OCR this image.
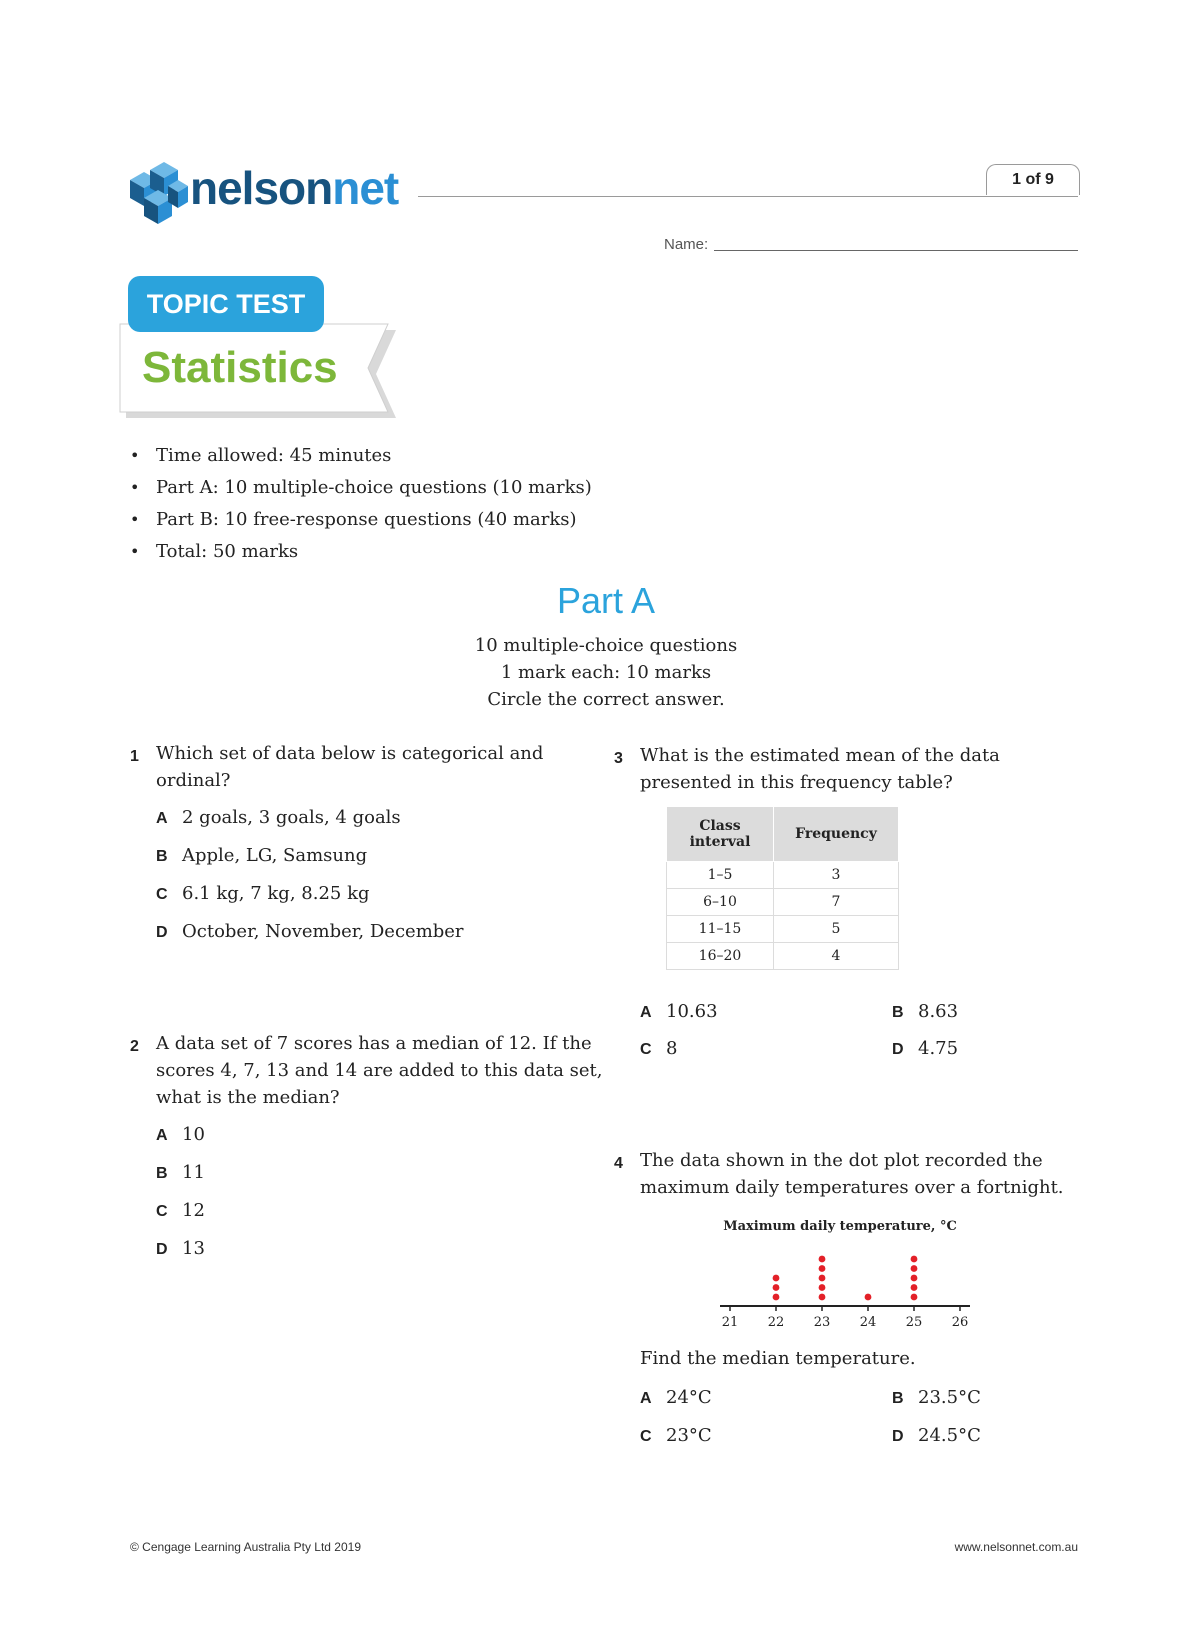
nelsonnet	1 of 9
Name:
TOPIC TEST
Statistics
• Time allowed: 45 minutes
• Part A: 10 multiple-choice questions (10 marks)
• Part B: 10 free-response questions (40 marks)
• Total: 50 marks
Part A
10 multiple-choice questions
1 mark each: 10 marks
Circle the correct answer.
1 Which set of data below is categorical and
ordinal?
A 2 goals, 3 goals, 4 goals
B Apple, LG, Samsung
C 6.1 kg, 7 kg, 8.25 kg
D October, November, December
2 A data set of 7 scores has a median of 12. If the
scores 4, 7, 13 and 14 are added to this data set,
what is the median?
A 10
B 11
C 12
D 13
3 What is the estimated mean of the data
presented in this frequency table?
Class interval	Frequency
1–5	3
6–10	7
11–15	5
16–20	4
A 10.63	B 8.63
C 8	D 4.75
4 The data shown in the dot plot recorded the
maximum daily temperatures over a fortnight.
Maximum daily temperature, °C
21 22 23 24 25 26
Find the median temperature.
A 24°C	B 23.5°C
C 23°C	D 24.5°C
© Cengage Learning Australia Pty Ltd 2019	www.nelsonnet.com.au
